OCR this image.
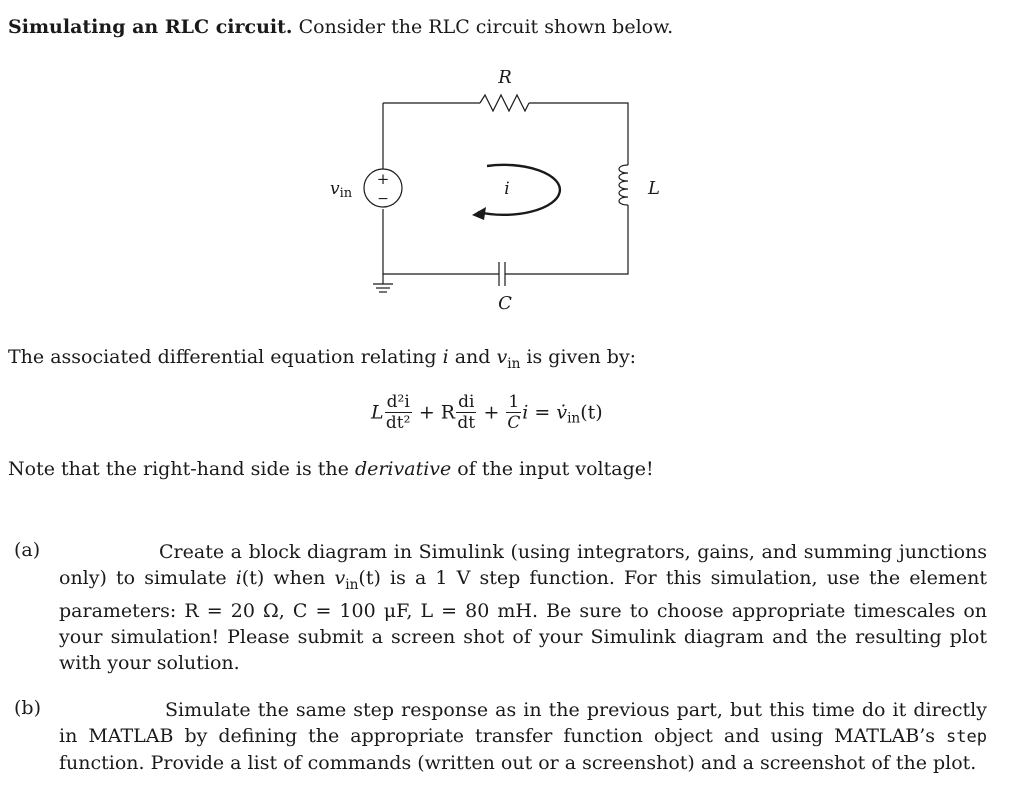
Simulating an RLC circuit. Consider the RLC circuit shown below.
+
−
R
L
C
i
vin
The associated differential equation relating i and $v_{in}$ is given by:
L $\frac{\text{d²i}}{\text{dt²}} + R \frac{di}{dt} + \frac{1}{C}$ $i = v̇_{in}(t)$
Note that the right-hand side is the derivative of the input voltage!
(a)	Create a block diagram in Simulink (using integrators, gains, and summing junctions only) to simulate i(t) when $v_{in}(t)$ is a 1 V step function. For this simulation, use the element parameters: R = 20 Ω, C = 100 μF, L = 80 mH. Be sure to choose appropriate timescales on your simulation! Please submit a screen shot of your Simulink diagram and the resulting plot with your solution.
(b)	Simulate the same step response as in the previous part, but this time do it directly in MATLAB by defining the appropriate transfer function object and using MATLAB’s step function. Provide a list of commands (written out or a screenshot) and a screenshot of the plot.
